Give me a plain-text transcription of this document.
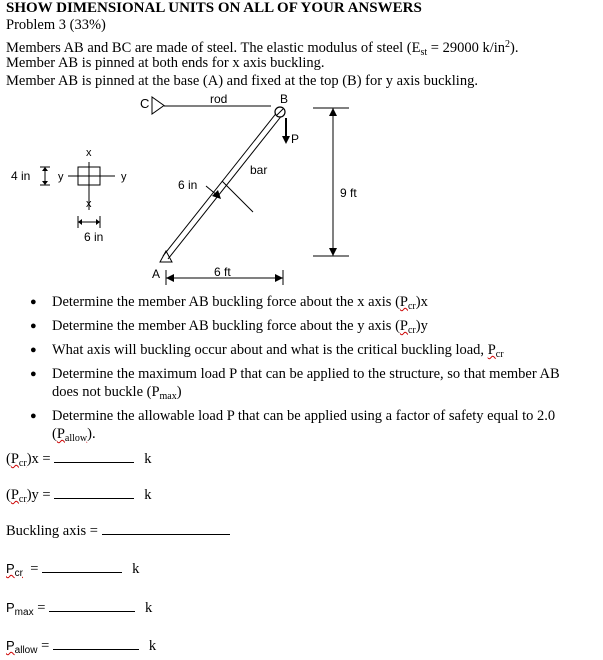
SHOW DIMENSIONAL UNITS ON ALL OF YOUR ANSWERS
Problem 3 (33%)
Members AB and BC are made of steel. The elastic modulus of steel ($E_{st} = 29000$ $k/in^2$).
Member AB is pinned at both ends for x axis buckling.
Member AB is pinned at the base (A) and fixed at the top (B) for y axis buckling.
C	rod	B
bar
P
A
6 in
x
y	y
x
4 in
6 in
9 ft
6 ft
● Determine the member AB buckling force about the x axis $(P_{cr})x$
● Determine the member AB buckling force about the y axis $(P_{cr})y$
● What axis will buckling occur about and what is the critical buckling load, $P_{cr}$
● Determine the maximum load P that can be applied to the structure, so that member AB does not buckle $(P_{max})$
● Determine the allowable load P that can be applied using a factor of safety equal to 2.0 $(P_{allow})$.
$(P_{cr})x$ =	k
$(P_{cr})y$ =	k
Buckling axis =
$P_{cr}$  =	k
$P_{max}$ =	k
$P_{allow}$ =	k
